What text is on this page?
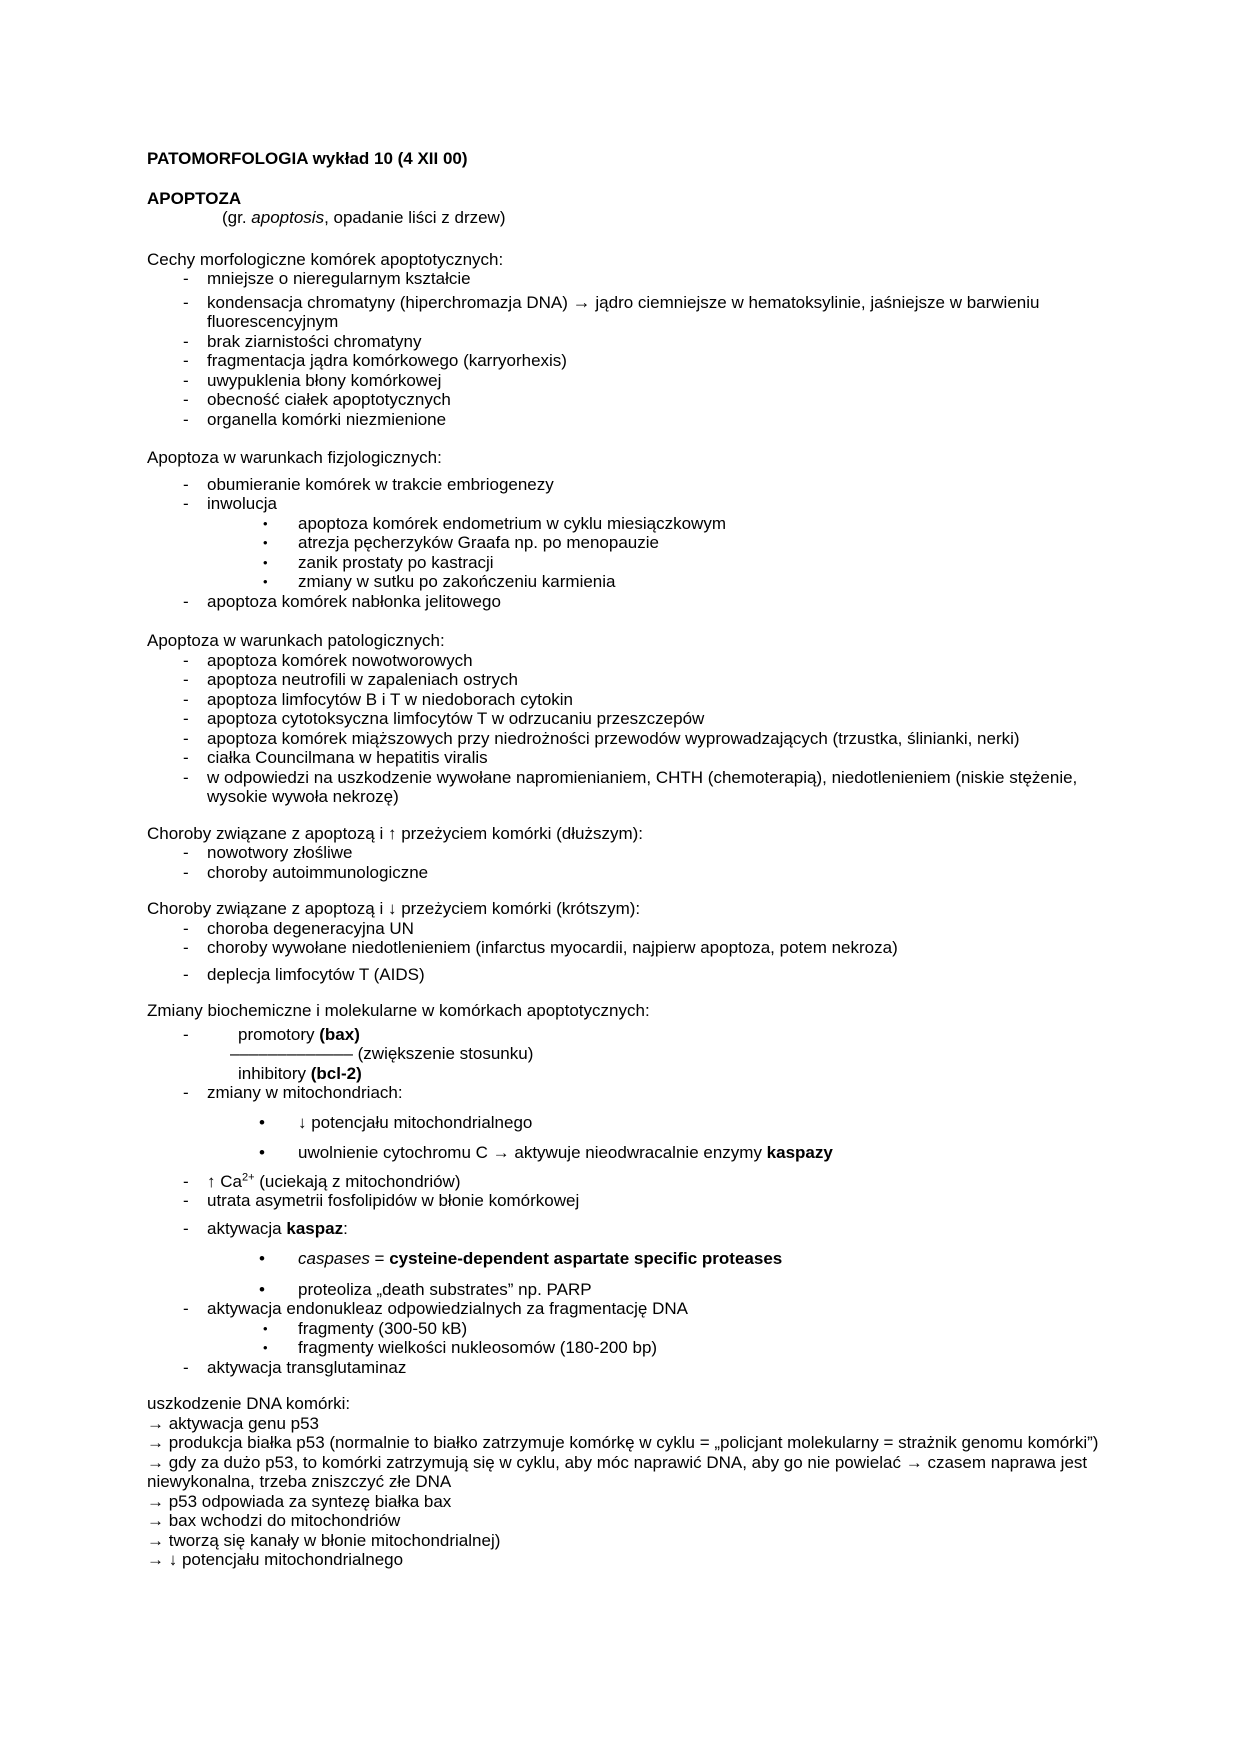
PATOMORFOLOGIA wykład 10 (4 XII 00)
APOPTOZA
(gr. apoptosis, opadanie liści z drzew)
Cechy morfologiczne komórek apoptotycznych:
- mniejsze o nieregularnym kształcie
- kondensacja chromatyny (hiperchromazja DNA) → jądro ciemniejsze w hematoksylinie, jaśniejsze w barwieniu
fluorescencyjnym
- brak ziarnistości chromatyny
- fragmentacja jądra komórkowego (karryorhexis)
- uwypuklenia błony komórkowej
- obecność ciałek apoptotycznych
- organella komórki niezmienione
Apoptoza w warunkach fizjologicznych:
- obumieranie komórek w trakcie embriogenezy
- inwolucja
• apoptoza komórek endometrium w cyklu miesiączkowym
• atrezja pęcherzyków Graafa np. po menopauzie
• zanik prostaty po kastracji
• zmiany w sutku po zakończeniu karmienia
- apoptoza komórek nabłonka jelitowego
Apoptoza w warunkach patologicznych:
- apoptoza komórek nowotworowych
- apoptoza neutrofili w zapaleniach ostrych
- apoptoza limfocytów B i T w niedoborach cytokin
- apoptoza cytotoksyczna limfocytów T w odrzucaniu przeszczepów
- apoptoza komórek miąższowych przy niedrożności przewodów wyprowadzających (trzustka, ślinianki, nerki)
- ciałka Councilmana w hepatitis viralis
- w odpowiedzi na uszkodzenie wywołane napromienianiem, CHTH (chemoterapią), niedotlenieniem (niskie stężenie,
wysokie wywoła nekrozę)
Choroby związane z apoptozą i ↑ przeżyciem komórki (dłuższym):
- nowotwory złośliwe
- choroby autoimmunologiczne
Choroby związane z apoptozą i ↓ przeżyciem komórki (krótszym):
- choroba degeneracyjna UN
- choroby wywołane niedotlenieniem (infarctus myocardii, najpierw apoptoza, potem nekroza)
- deplecja limfocytów T (AIDS)
Zmiany biochemiczne i molekularne w komórkach apoptotycznych:
-	promotory (bax)
––––––––––––– (zwiększenie stosunku)
inhibitory (bcl-2)
- zmiany w mitochondriach:
• ↓ potencjału mitochondrialnego
• uwolnienie cytochromu C → aktywuje nieodwracalnie enzymy kaspazy
- ↑ $Ca^{2+}$ (uciekają z mitochondriów)
- utrata asymetrii fosfolipidów w błonie komórkowej
- aktywacja kaspaz:
• caspases = cysteine-dependent aspartate specific proteases
• proteoliza „death substrates” np. PARP
- aktywacja endonukleaz odpowiedzialnych za fragmentację DNA
• fragmenty (300-50 kB)
• fragmenty wielkości nukleosomów (180-200 bp)
- aktywacja transglutaminaz
uszkodzenie DNA komórki:
→ aktywacja genu p53
→ produkcja białka p53 (normalnie to białko zatrzymuje komórkę w cyklu = „policjant molekularny = strażnik genomu komórki”)
→ gdy za dużo p53, to komórki zatrzymują się w cyklu, aby móc naprawić DNA, aby go nie powielać → czasem naprawa jest
niewykonalna, trzeba zniszczyć złe DNA
→ p53 odpowiada za syntezę białka bax
→ bax wchodzi do mitochondriów
→ tworzą się kanały w błonie mitochondrialnej)
→ ↓ potencjału mitochondrialnego
